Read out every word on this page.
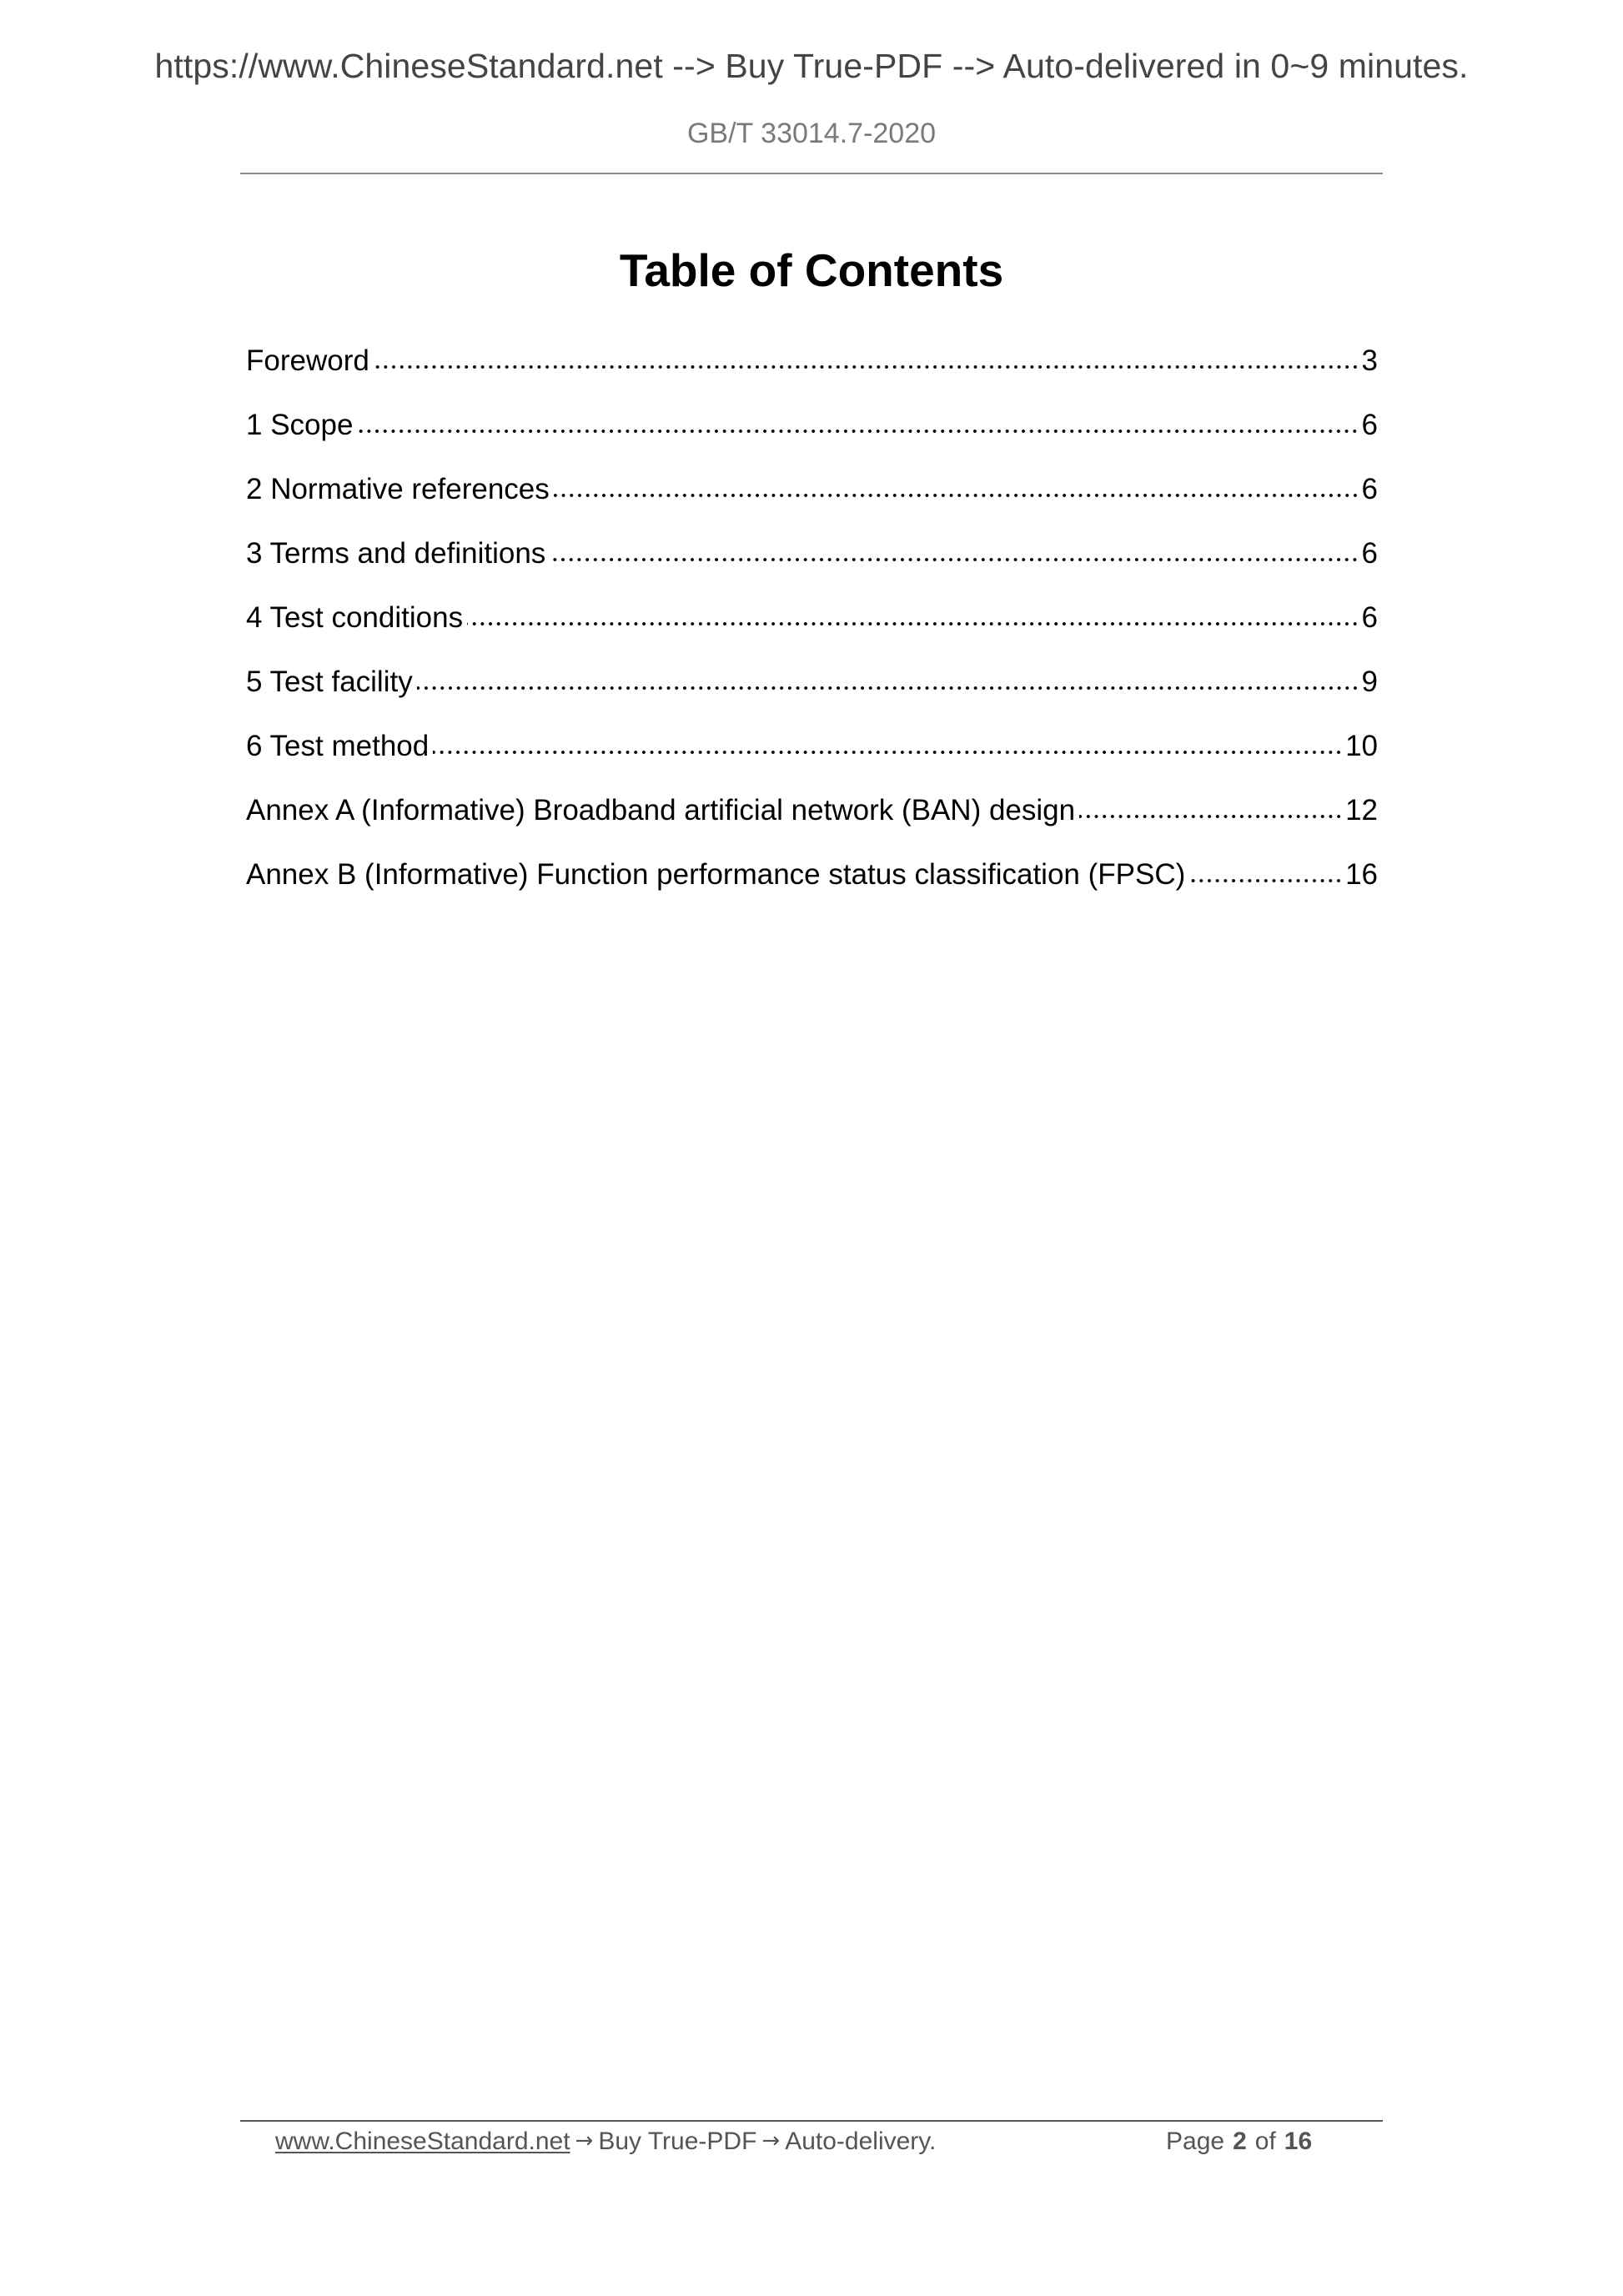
https://www.ChineseStandard.net --> Buy True-PDF --> Auto-delivered in 0~9 minutes.
GB/T 33014.7-2020
Table of Contents
Foreword	3
1 Scope	6
2 Normative references	6
3 Terms and definitions	6
4 Test conditions	6
5 Test facility	9
6 Test method	10
Annex A (Informative) Broadband artificial network (BAN) design	12
Annex B (Informative) Function performance status classification (FPSC)	16
www.ChineseStandard.net → Buy True-PDF → Auto-delivery.	Page 2 of 16
